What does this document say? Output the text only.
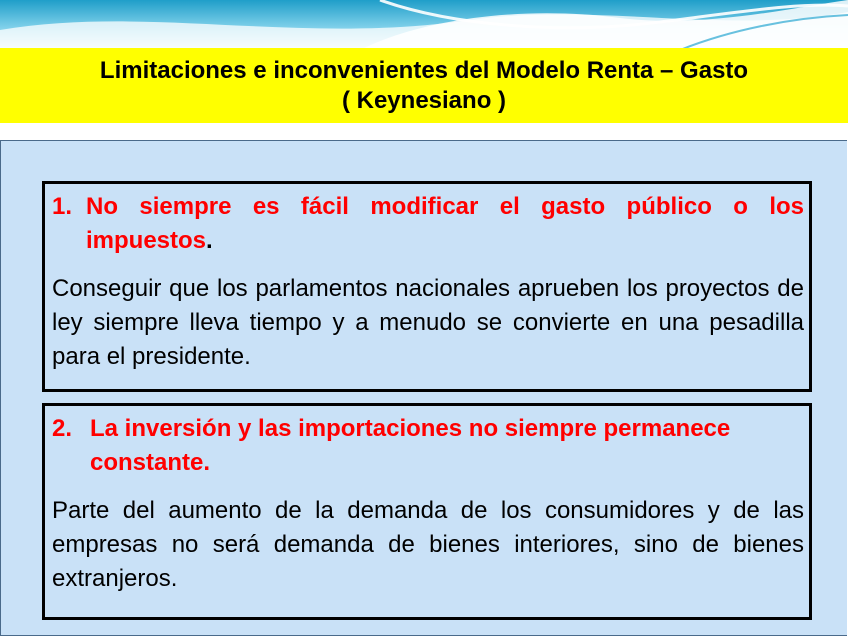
Limitaciones e inconvenientes del Modelo Renta – Gasto
( Keynesiano )
1. No siempre es fácil modificar el gasto público o los impuestos.
Conseguir que los parlamentos nacionales aprueben los proyectos de ley siempre lleva tiempo y a menudo se convierte en una pesadilla para el presidente.
2. La inversión y las importaciones no siempre permanece constante.
Parte del aumento de la demanda de los consumidores y de las empresas no será demanda de bienes interiores, sino de bienes extranjeros.
